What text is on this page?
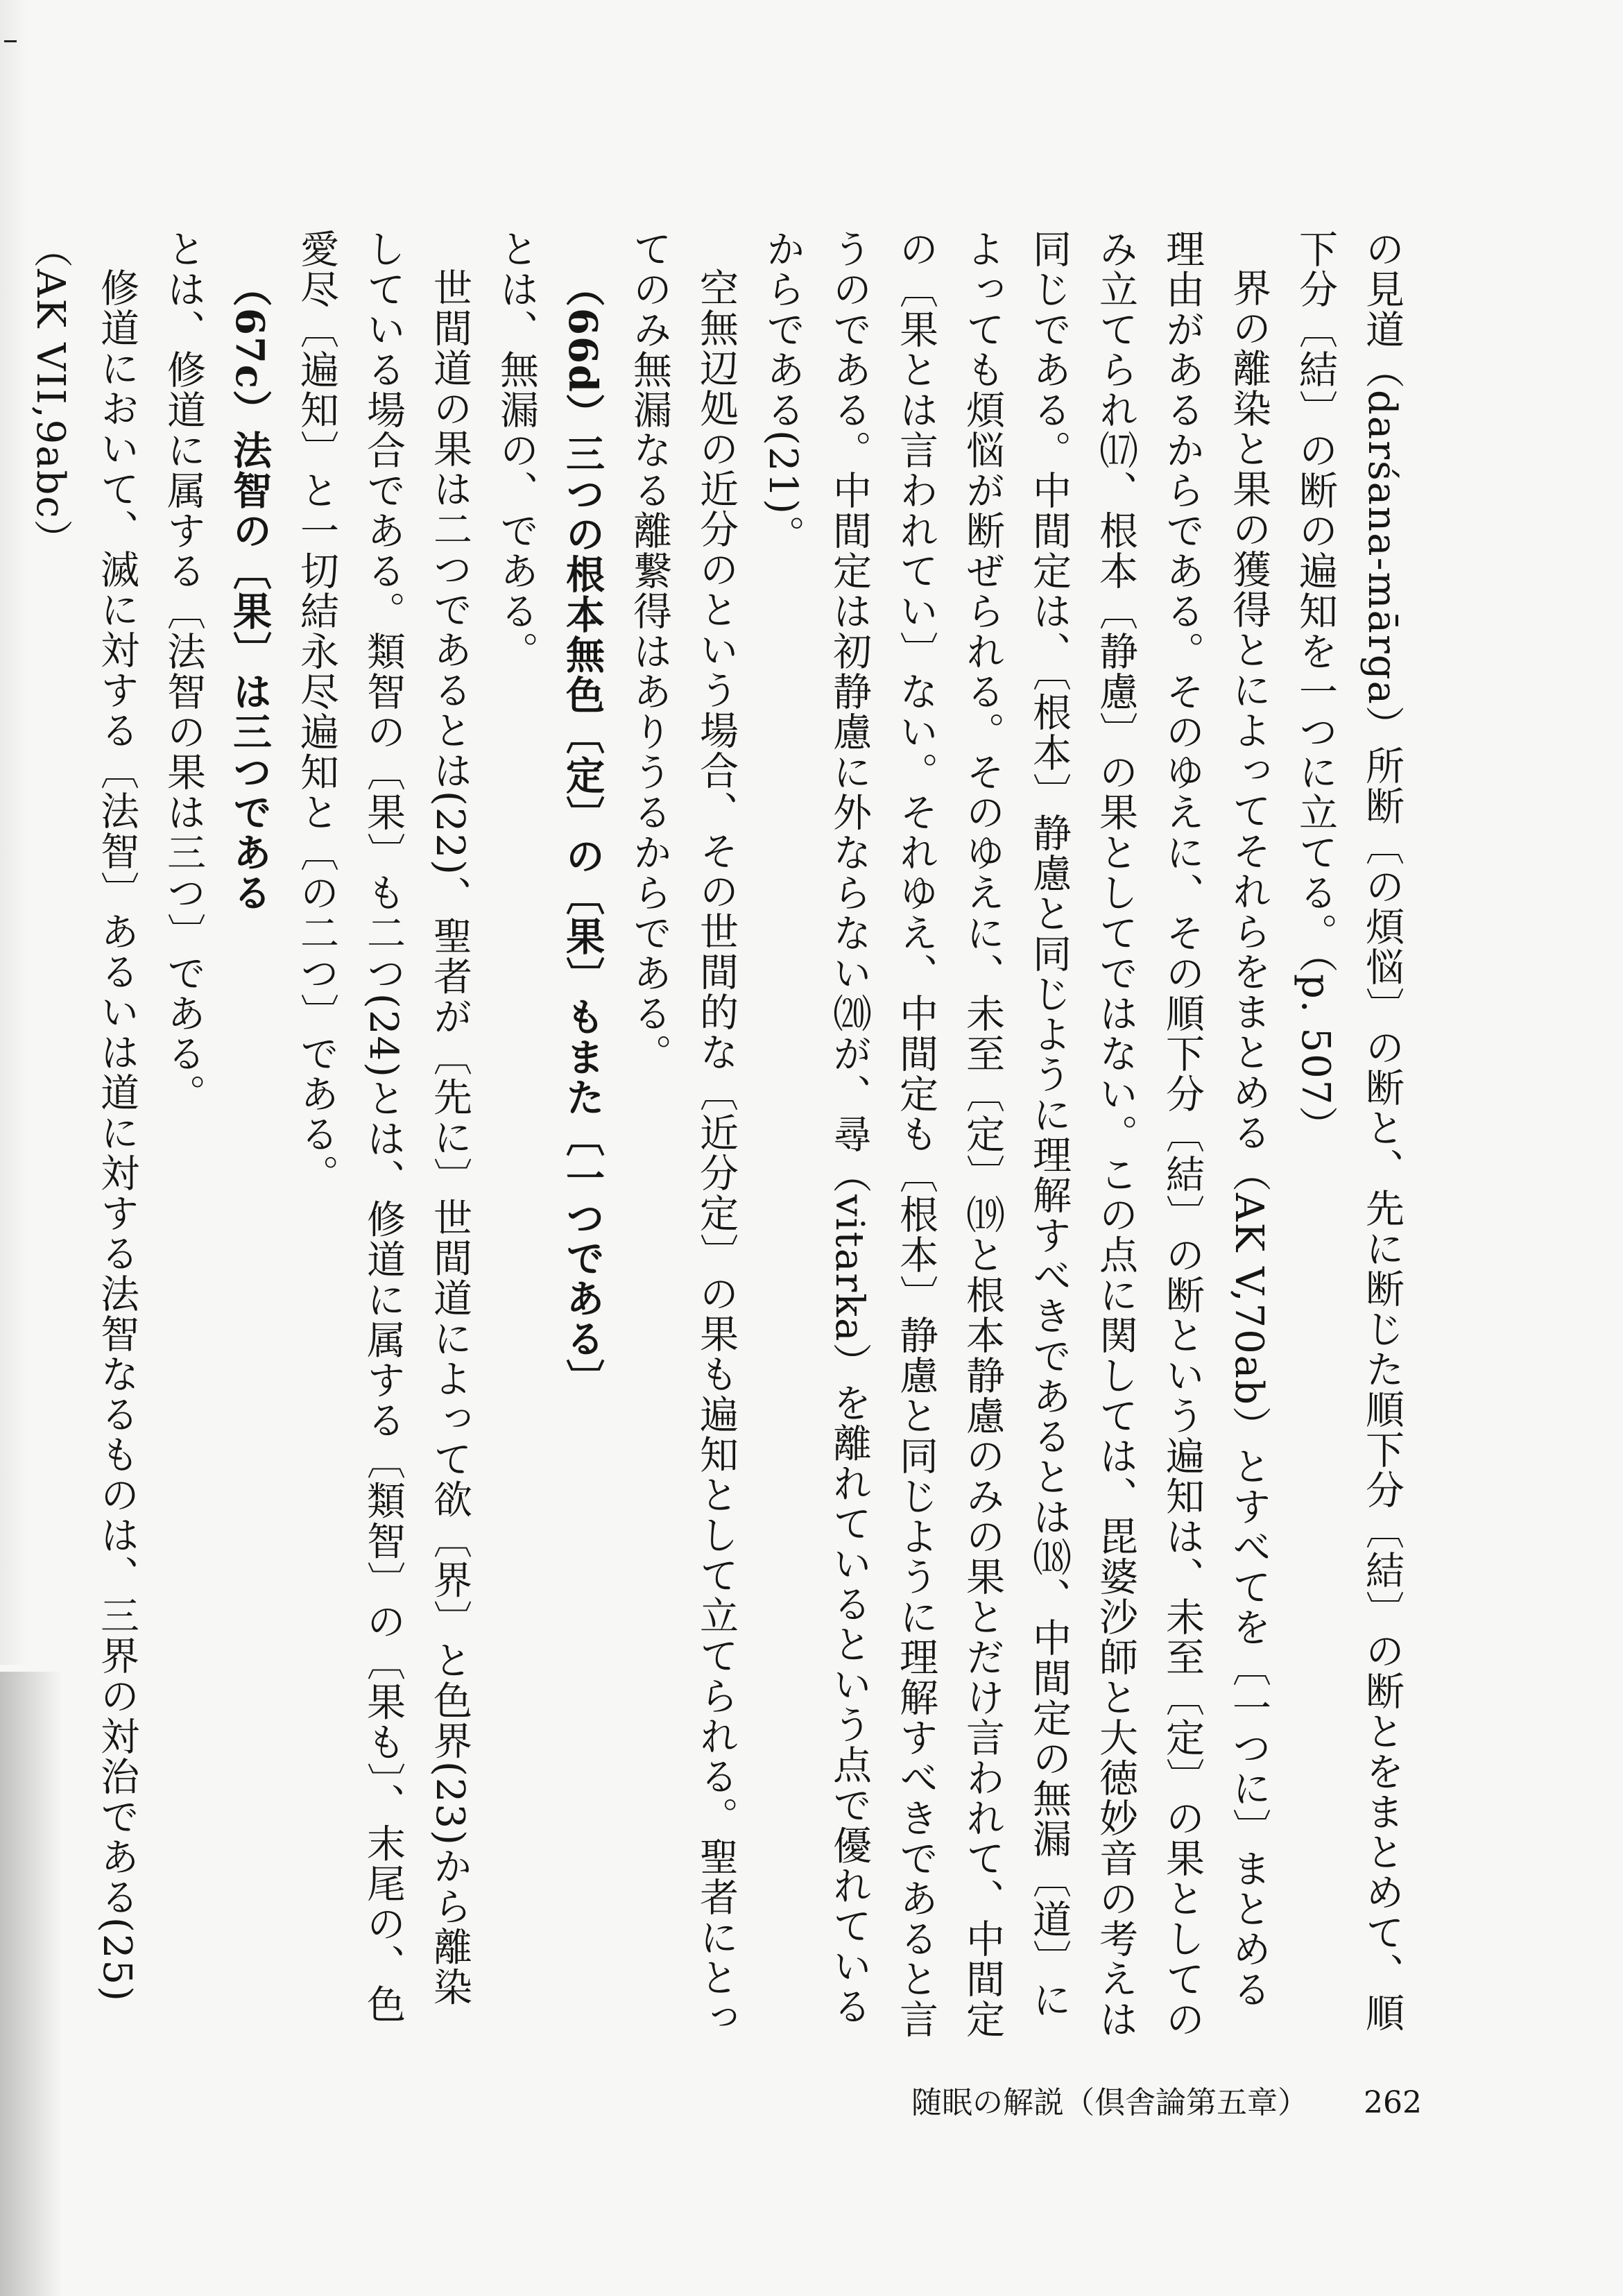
の見道（darśana-mārga）所断〔の煩悩〕の断と、先に断じた順下分〔結〕の断とをまとめて、順下分〔結〕の断の遍知を一つに立てる。（p. 507）

界の離染と果の獲得とによってそれらをまとめる（AK V,70ab）とすべてを〔一つに〕まとめる理由があるからである。そのゆえに、その順下分〔結〕の断という遍知は、未至〔定〕の果としてのみ立てられ⒄、根本〔静慮〕の果としてではない。この点に関しては、毘婆沙師と大徳妙音の考えは同じである。中間定は、〔根本〕静慮と同じように理解すべきであるとは⒅、中間定の無漏〔道〕によっても煩悩が断ぜられる。そのゆえに、未至〔定〕⒆と根本静慮のみの果とだけ言われて、中間定の〔果とは言われてい〕ない。それゆえ、中間定も〔根本〕静慮と同じように理解すべきであると言うのである。中間定は初静慮に外ならない⒇が、尋（vitarka）を離れているという点で優れているからである(21)。

空無辺処の近分のという場合、その世間的な〔近分定〕の果も遍知として立てられる。聖者にとってのみ無漏なる離繋得はありうるからである。

（66d）三つの根本無色〔定〕の〔果〕もまた〔一つである〕

とは、無漏の、である。

世間道の果は二つであるとは(22)、聖者が〔先に〕世間道によって欲〔界〕と色界(23)から離染している場合である。類智の〔果〕も二つ(24)とは、修道に属する〔類智〕の〔果も〕、末尾の、色愛尽〔遍知〕と一切結永尽遍知と〔の二つ〕である。

（67c）法智の〔果〕は三つである

とは、修道に属する〔法智の果は三つ〕である。

修道において、滅に対する〔法智〕あるいは道に対する法智なるものは、三界の対治である(25)（AK VII,9abc）

随眠の解説（倶舎論第五章） 262
